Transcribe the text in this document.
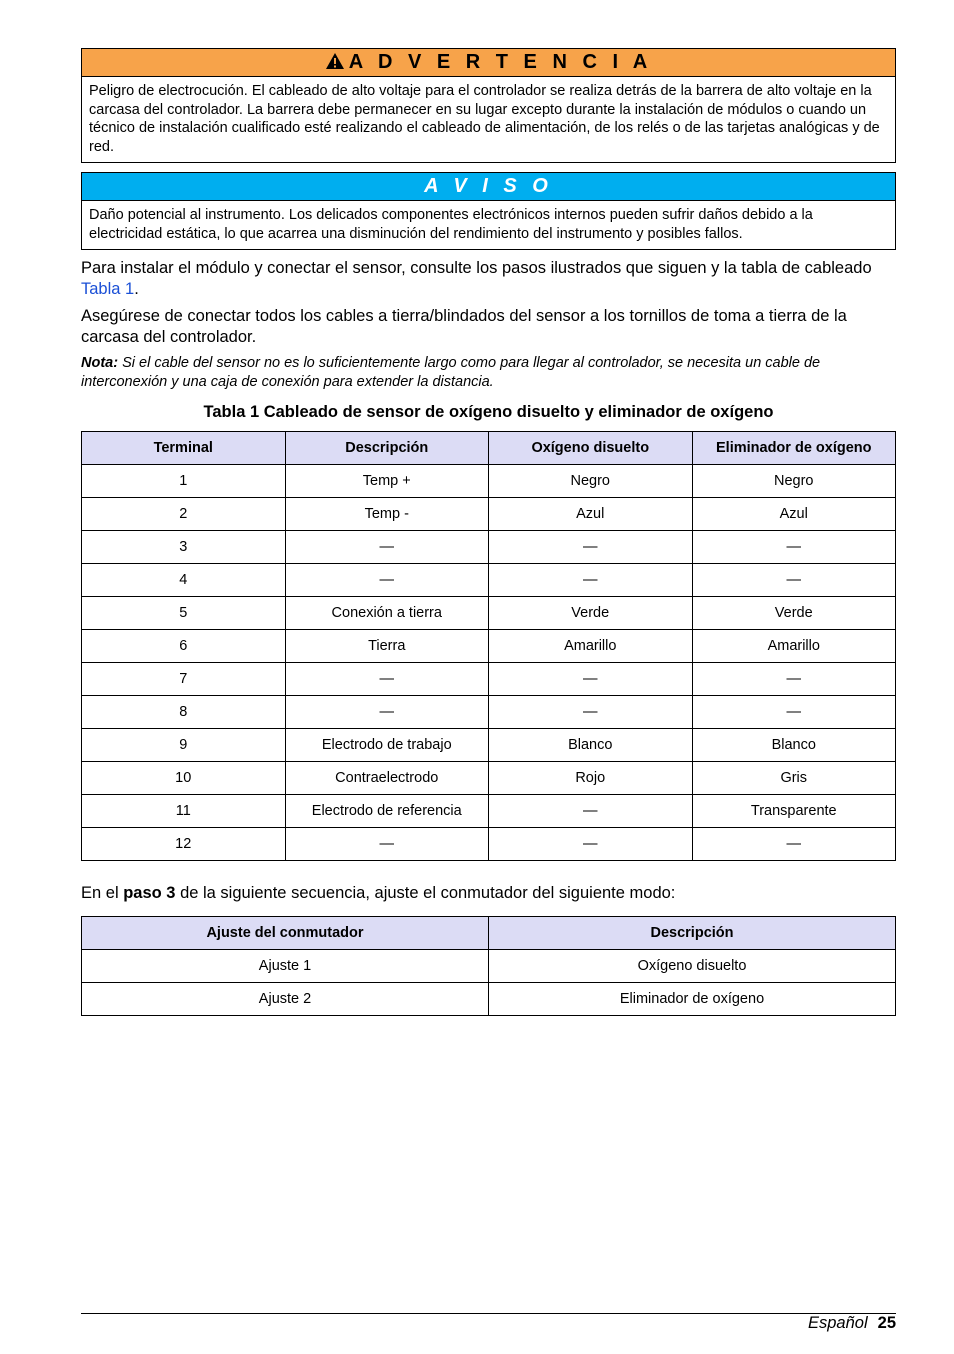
A D V E R T E N C I A
Peligro de electrocución. El cableado de alto voltaje para el controlador se realiza detrás de la barrera de alto voltaje en la carcasa del controlador. La barrera debe permanecer en su lugar excepto durante la instalación de módulos o cuando un técnico de instalación cualificado esté realizando el cableado de alimentación, de los relés o de las tarjetas analógicas y de red.
A V I S O
Daño potencial al instrumento. Los delicados componentes electrónicos internos pueden sufrir daños debido a la electricidad estática, lo que acarrea una disminución del rendimiento del instrumento y posibles fallos.

Para instalar el módulo y conectar el sensor, consulte los pasos ilustrados que siguen y la tabla de cableado Tabla 1.

Asegúrese de conectar todos los cables a tierra/blindados del sensor a los tornillos de toma a tierra de la carcasa del controlador.

Nota: Si el cable del sensor no es lo suficientemente largo como para llegar al controlador, se necesita un cable de interconexión y una caja de conexión para extender la distancia.

Tabla 1 Cableado de sensor de oxígeno disuelto y eliminador de oxígeno
Terminal	Descripción	Oxígeno disuelto	Eliminador de oxígeno
1	Temp +	Negro	Negro
2	Temp -	Azul	Azul
3	—	—	—
4	—	—	—
5	Conexión a tierra	Verde	Verde
6	Tierra	Amarillo	Amarillo
7	—	—	—
8	—	—	—
9	Electrodo de trabajo	Blanco	Blanco
10	Contraelectrodo	Rojo	Gris
11	Electrodo de referencia	—	Transparente
12	—	—	—

En el paso 3 de la siguiente secuencia, ajuste el conmutador del siguiente modo:

Ajuste del conmutador	Descripción
Ajuste 1	Oxígeno disuelto
Ajuste 2	Eliminador de oxígeno
Español 25
